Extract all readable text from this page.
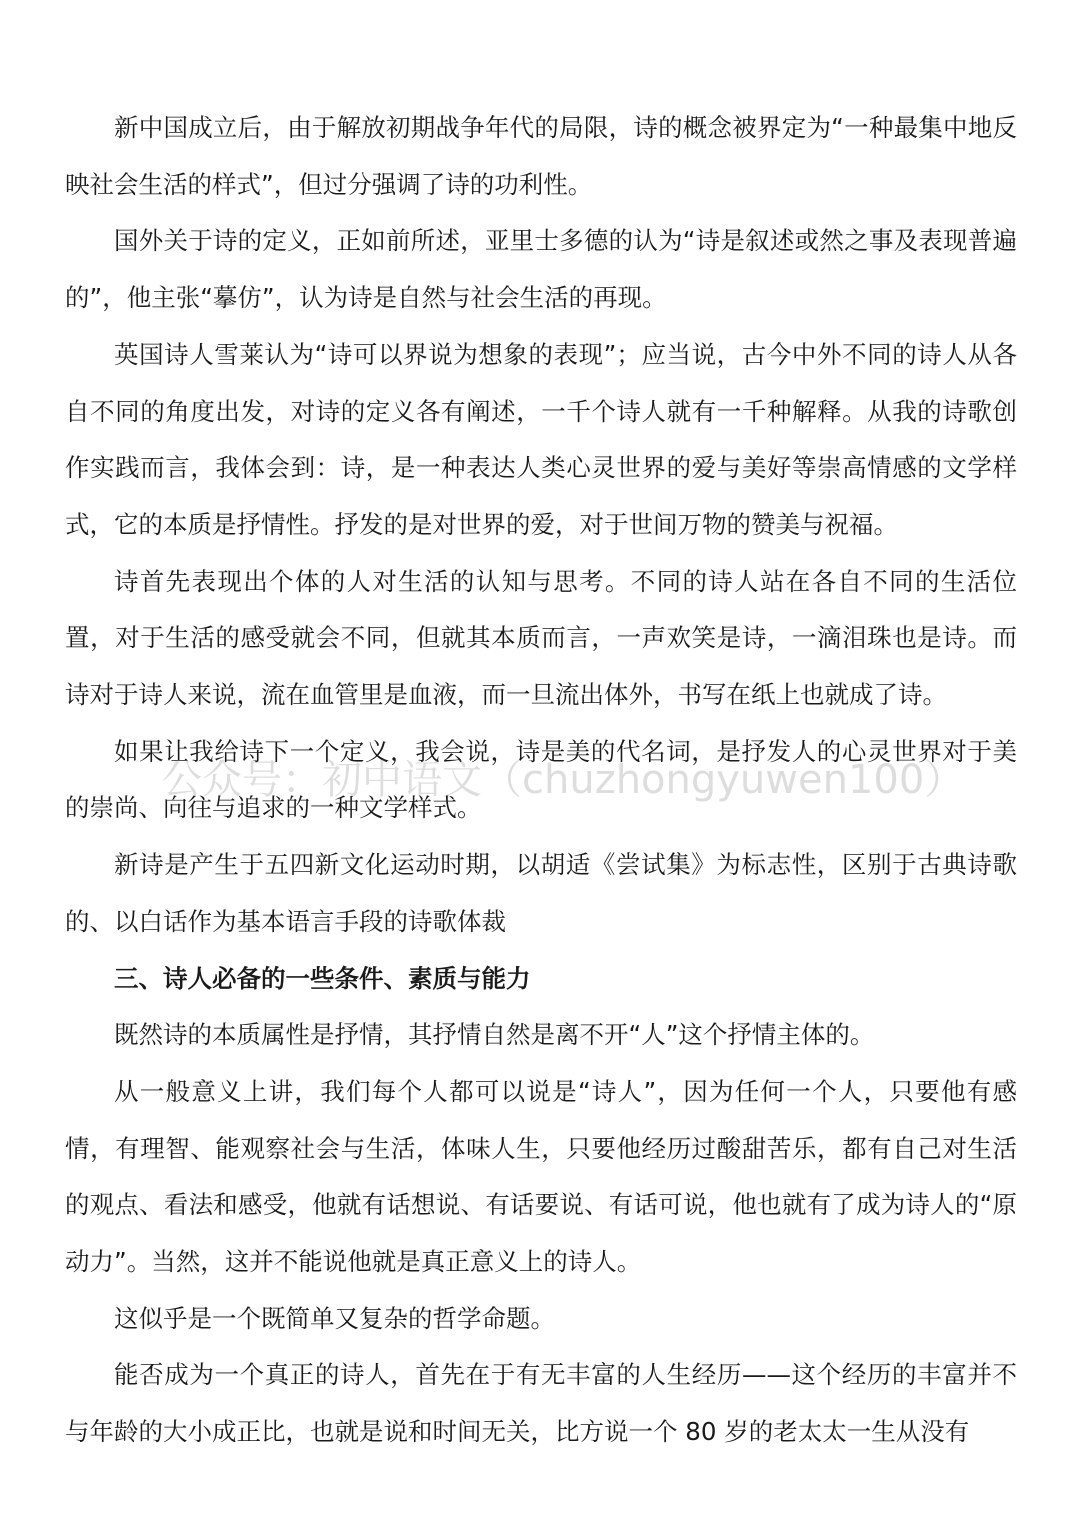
新中国成立后，由于解放初期战争年代的局限，诗的概念被界定为“一种最集中地反映社会生活的样式”，但过分强调了诗的功利性。

国外关于诗的定义，正如前所述，亚里士多德的认为“诗是叙述或然之事及表现普遍的”，他主张“摹仿”，认为诗是自然与社会生活的再现。

英国诗人雪莱认为“诗可以界说为想象的表现”；应当说，古今中外不同的诗人从各自不同的角度出发，对诗的定义各有阐述，一千个诗人就有一千种解释。从我的诗歌创作实践而言，我体会到：诗，是一种表达人类心灵世界的爱与美好等崇高情感的文学样式，它的本质是抒情性。抒发的是对世界的爱，对于世间万物的赞美与祝福。

诗首先表现出个体的人对生活的认知与思考。不同的诗人站在各自不同的生活位置，对于生活的感受就会不同，但就其本质而言，一声欢笑是诗，一滴泪珠也是诗。而诗对于诗人来说，流在血管里是血液，而一旦流出体外，书写在纸上也就成了诗。

如果让我给诗下一个定义，我会说，诗是美的代名词，是抒发人的心灵世界对于美的崇尚、向往与追求的一种文学样式。

新诗是产生于五四新文化运动时期，以胡适《尝试集》为标志性，区别于古典诗歌的、以白话作为基本语言手段的诗歌体裁

三、诗人必备的一些条件、素质与能力

既然诗的本质属性是抒情，其抒情自然是离不开“人”这个抒情主体的。

从一般意义上讲，我们每个人都可以说是“诗人”，因为任何一个人，只要他有感情，有理智、能观察社会与生活，体味人生，只要他经历过酸甜苦乐，都有自己对生活的观点、看法和感受，他就有话想说、有话要说、有话可说，他也就有了成为诗人的“原动力”。当然，这并不能说他就是真正意义上的诗人。

这似乎是一个既简单又复杂的哲学命题。

能否成为一个真正的诗人，首先在于有无丰富的人生经历——这个经历的丰富并不与年龄的大小成正比，也就是说和时间无关，比方说一个 80 岁的老太太一生从没有

公众号：初中语文（chuzhongyuwen100）
